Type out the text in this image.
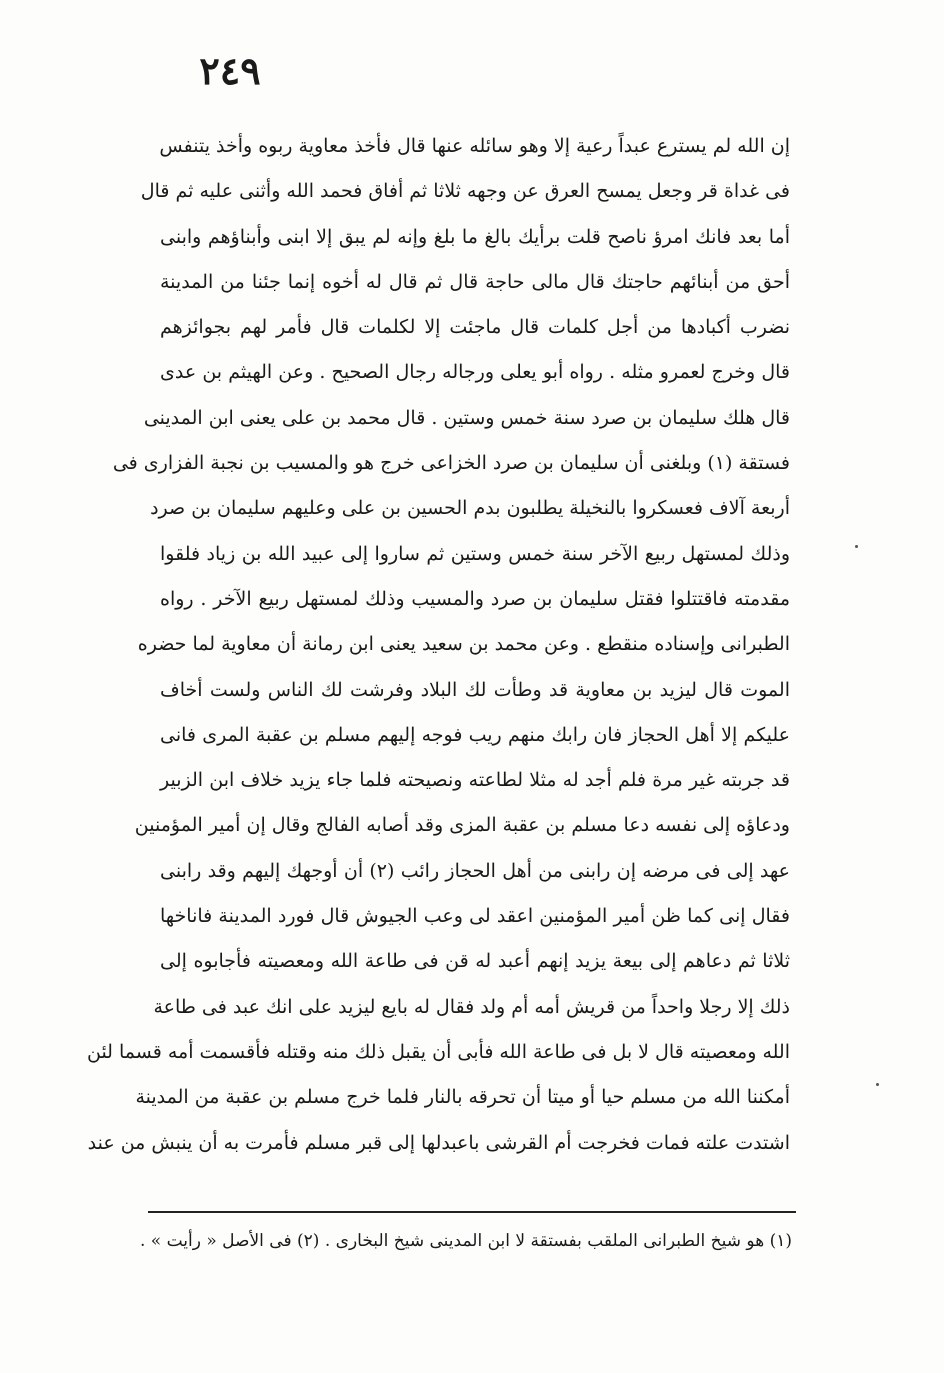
٢٤٩
إن الله لم يسترع عبداً رعية إلا وهو سائله عنها قال فأخذ معاوية ربوه وأخذ يتنفس
فى غداة قر وجعل يمسح العرق عن وجهه ثلاثا ثم أفاق فحمد الله وأثنى عليه ثم قال
أما بعد فانك امرؤ ناصح قلت برأيك بالغ ما بلغ وإنه لم يبق إلا ابنى وأبناؤهم وابنى
أحق من أبنائهم حاجتك قال مالى حاجة قال ثم قال له أخوه إنما جئنا من المدينة
نضرب أكبادها من أجل كلمات قال ماجئت إلا لكلمات قال فأمر لهم بجوائزهم
قال وخرج لعمرو مثله . رواه أبو يعلى ورجاله رجال الصحيح . وعن الهيثم بن عدى
قال هلك سليمان بن صرد سنة خمس وستين . قال محمد بن على يعنى ابن المدينى
فستقة (١) وبلغنى أن سليمان بن صرد الخزاعى خرج هو والمسيب بن نجبة الفزارى فى
أربعة آلاف فعسكروا بالنخيلة يطلبون بدم الحسين بن على وعليهم سليمان بن صرد
وذلك لمستهل ربيع الآخر سنة خمس وستين ثم ساروا إلى عبيد الله بن زياد فلقوا
مقدمته فاقتتلوا فقتل سليمان بن صرد والمسيب وذلك لمستهل ربيع الآخر . رواه
الطبرانى وإسناده منقطع . وعن محمد بن سعيد يعنى ابن رمانة أن معاوية لما حضره
الموت قال ليزيد بن معاوية قد وطأت لك البلاد وفرشت لك الناس ولست أخاف
عليكم إلا أهل الحجاز فان رابك منهم ريب فوجه إليهم مسلم بن عقبة المرى فانى
قد جربته غير مرة فلم أجد له مثلا لطاعته ونصيحته فلما جاء يزيد خلاف ابن الزبير
ودعاؤه إلى نفسه دعا مسلم بن عقبة المزى وقد أصابه الفالج وقال إن أمير المؤمنين
عهد إلى فى مرضه إن رابنى من أهل الحجاز رائب (٢) أن أوجهك إليهم وقد رابنى
فقال إنى كما ظن أمير المؤمنين اعقد لى وعب الجيوش قال فورد المدينة فاناخها
ثلاثا ثم دعاهم إلى بيعة يزيد إنهم أعبد له قن فى طاعة الله ومعصيته فأجابوه إلى
ذلك إلا رجلا واحداً من قريش أمه أم ولد فقال له بايع ليزيد على انك عبد فى طاعة
الله ومعصيته قال لا بل فى طاعة الله فأبى أن يقبل ذلك منه وقتله فأقسمت أمه قسما لئن
أمكننا الله من مسلم حيا أو ميتا أن تحرقه بالنار فلما خرج مسلم بن عقبة من المدينة
اشتدت علته فمات فخرجت أم القرشى باعبدلها إلى قبر مسلم فأمرت به أن ينبش من عند
(١) هو شيخ الطبرانى الملقب بفستقة لا ابن المدينى شيخ البخارى . (٢) فى الأصل « رأيت » .
